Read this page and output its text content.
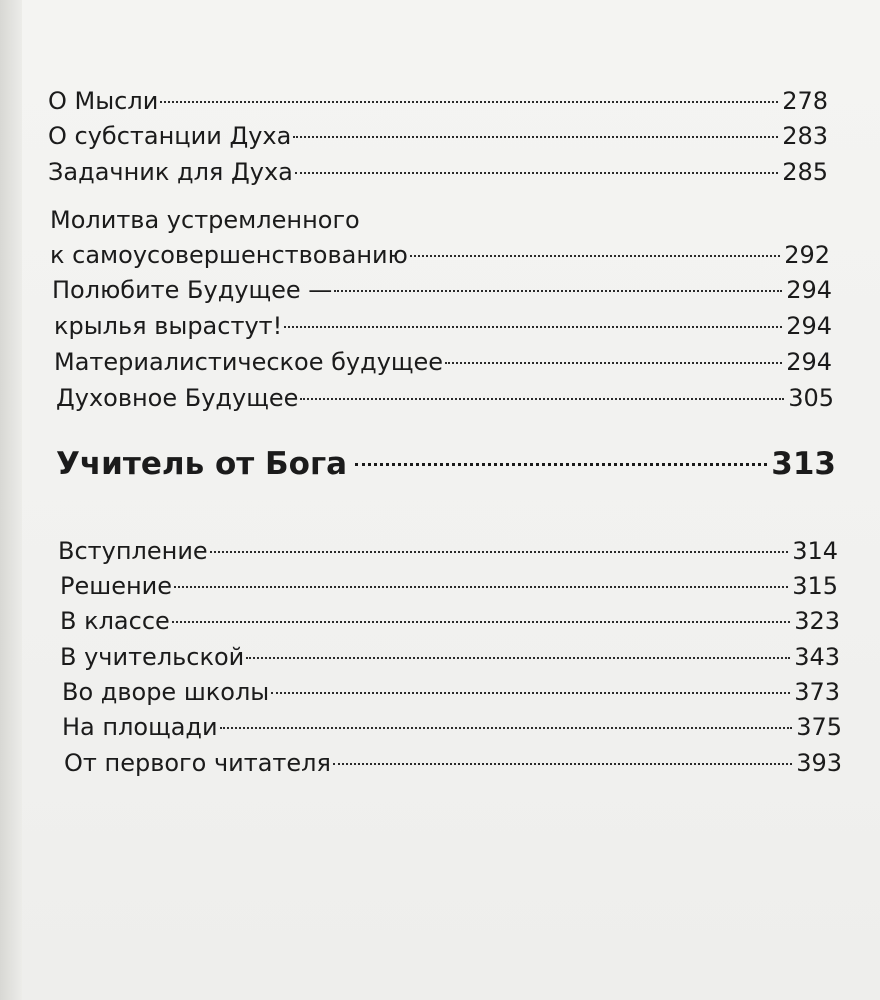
О Мысли	278
О субстанции Духа	283
Задачник для Духа	285
Молитва устремленного
к самоусовершенствованию	292
Полюбите Будущее —	294
крылья вырастут!	294
Материалистическое будущее	294
Духовное Будущее	305
Учитель от Бога	313
Вступление	314
Решение	315
В классе	323
В учительской	343
Во дворе школы	373
На площади	375
От первого читателя	393
